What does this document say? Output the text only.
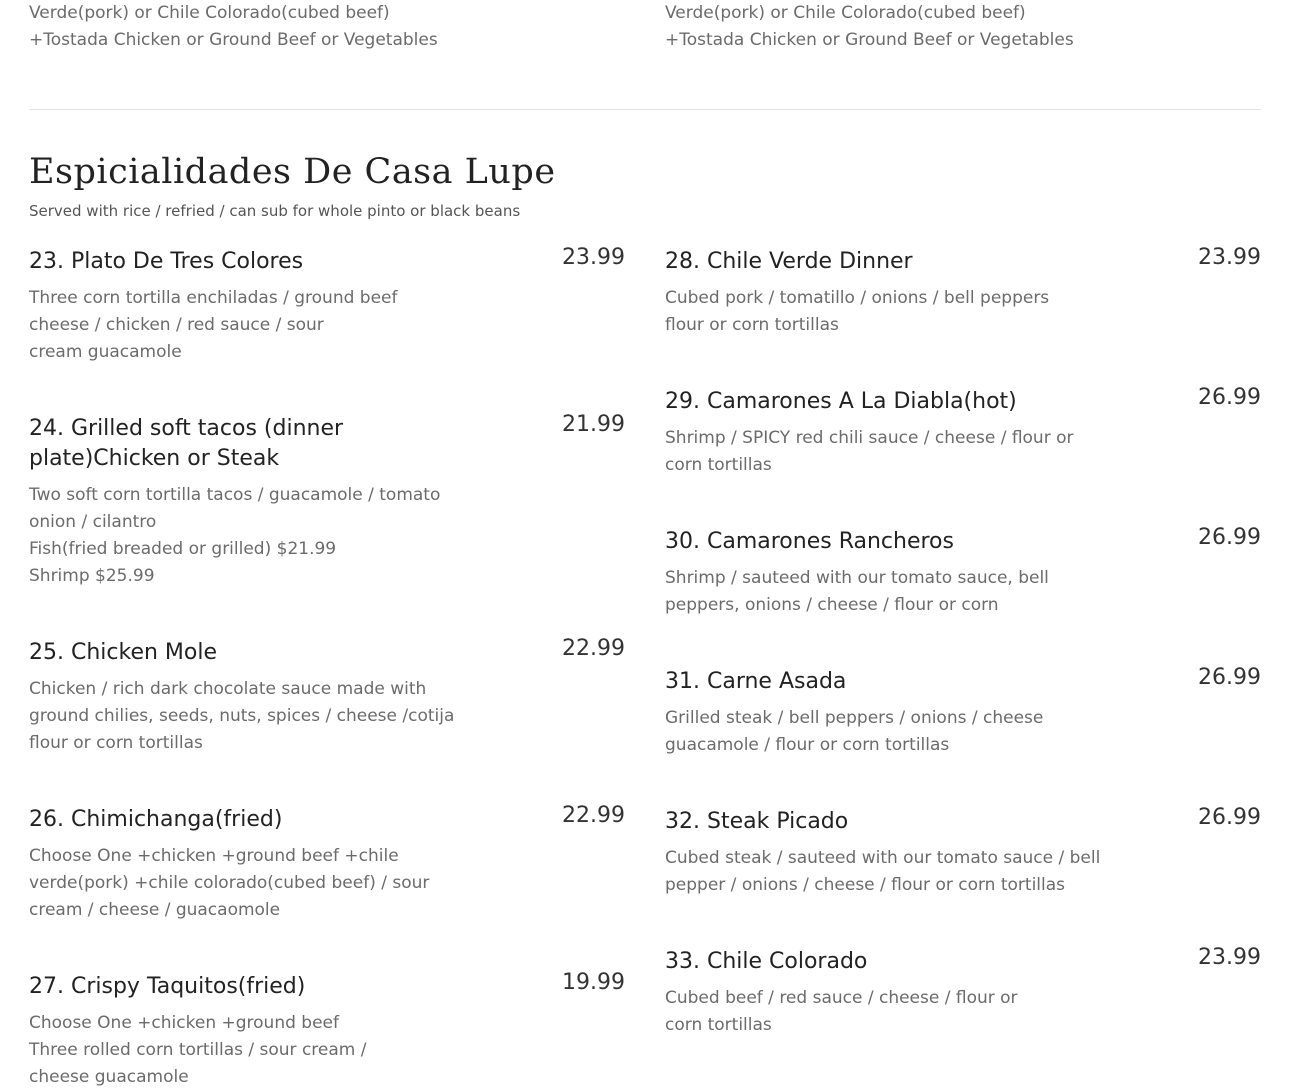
Verde(pork) or Chile Colorado(cubed beef)
+Tostada Chicken or Ground Beef or Vegetables
Verde(pork) or Chile Colorado(cubed beef)
+Tostada Chicken or Ground Beef or Vegetables
Espicialidades De Casa Lupe
Served with rice / refried / can sub for whole pinto or black beans
23. Plato De Tres Colores	23.99
Three corn tortilla enchiladas / ground beef
cheese / chicken / red sauce / sour
cream guacamole
24. Grilled soft tacos (dinner plate)Chicken or Steak
21.99
Two soft corn tortilla tacos / guacamole / tomato
onion / cilantro
Fish(fried breaded or grilled) $21.99
Shrimp $25.99
25. Chicken Mole	22.99
Chicken / rich dark chocolate sauce made with
ground chilies, seeds, nuts, spices / cheese /cotija
flour or corn tortillas
26. Chimichanga(fried)	22.99
Choose One +chicken +ground beef +chile
verde(pork) +chile colorado(cubed beef) / sour
cream / cheese / guacaomole
27. Crispy Taquitos(fried)	19.99
Choose One +chicken +ground beef
Three rolled corn tortillas / sour cream /
cheese guacamole
28. Chile Verde Dinner	23.99
Cubed pork / tomatillo / onions / bell peppers
flour or corn tortillas
29. Camarones A La Diabla(hot)	26.99
Shrimp / SPICY red chili sauce / cheese / flour or
corn tortillas
30. Camarones Rancheros	26.99
Shrimp / sauteed with our tomato sauce, bell
peppers, onions / cheese / flour or corn
31. Carne Asada	26.99
Grilled steak / bell peppers / onions / cheese
guacamole / flour or corn tortillas
32. Steak Picado	26.99
Cubed steak / sauteed with our tomato sauce / bell
pepper / onions / cheese / flour or corn tortillas
33. Chile Colorado	23.99
Cubed beef / red sauce / cheese / flour or
corn tortillas
